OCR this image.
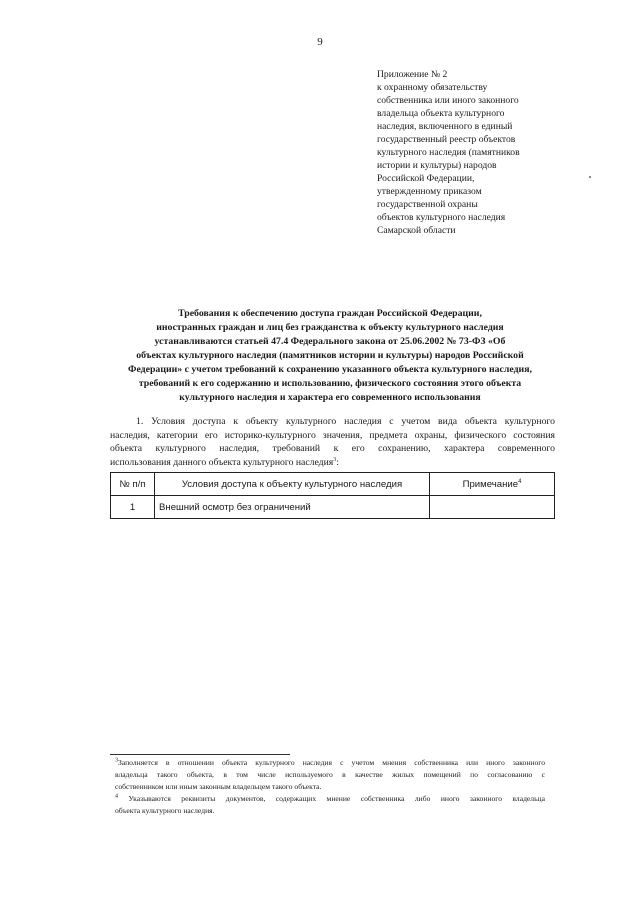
9
Приложение № 2
к охранному обязательству
собственника или иного законного
владельца объекта культурного
наследия, включенного в единый
государственный реестр объектов
культурного наследия (памятников
истории и культуры) народов
Российской Федерации,
утвержденному приказом
государственной охраны
объектов культурного наследия
Самарской области
Требования к обеспечению доступа граждан Российской Федерации,
иностранных граждан и лиц без гражданства к объекту культурного наследия
устанавливаются статьей 47.4 Федерального закона от 25.06.2002 № 73-ФЗ «Об
объектах культурного наследия (памятников истории и культуры) народов Российской
Федерации» с учетом требований к сохранению указанного объекта культурного наследия,
требований к его содержанию и использованию, физического состояния этого объекта
культурного наследия и характера его современного использования
1. Условия доступа к объекту культурного наследия с учетом вида объекта культурного
наследия, категории его историко-культурного значения, предмета охраны, физического состояния
объекта культурного наследия, требований к его сохранению, характера современного
использования данного объекта культурного наследия$^3$:
№ п/п	Условия доступа к объекту культурного наследия	Примечание$^4$
1	Внешний осмотр без ограничений	
$^3$Заполняется в отношении объекта культурного наследия с учетом мнения собственника или иного законного
владельца такого объекта, в том числе используемого в качестве жилых помещений по согласованию с
собственником или иным законным владельцем такого объекта.
$^4$ Указываются реквизиты документов, содержащих мнение собственника либо иного законного владельца
объекта культурного наследия.
